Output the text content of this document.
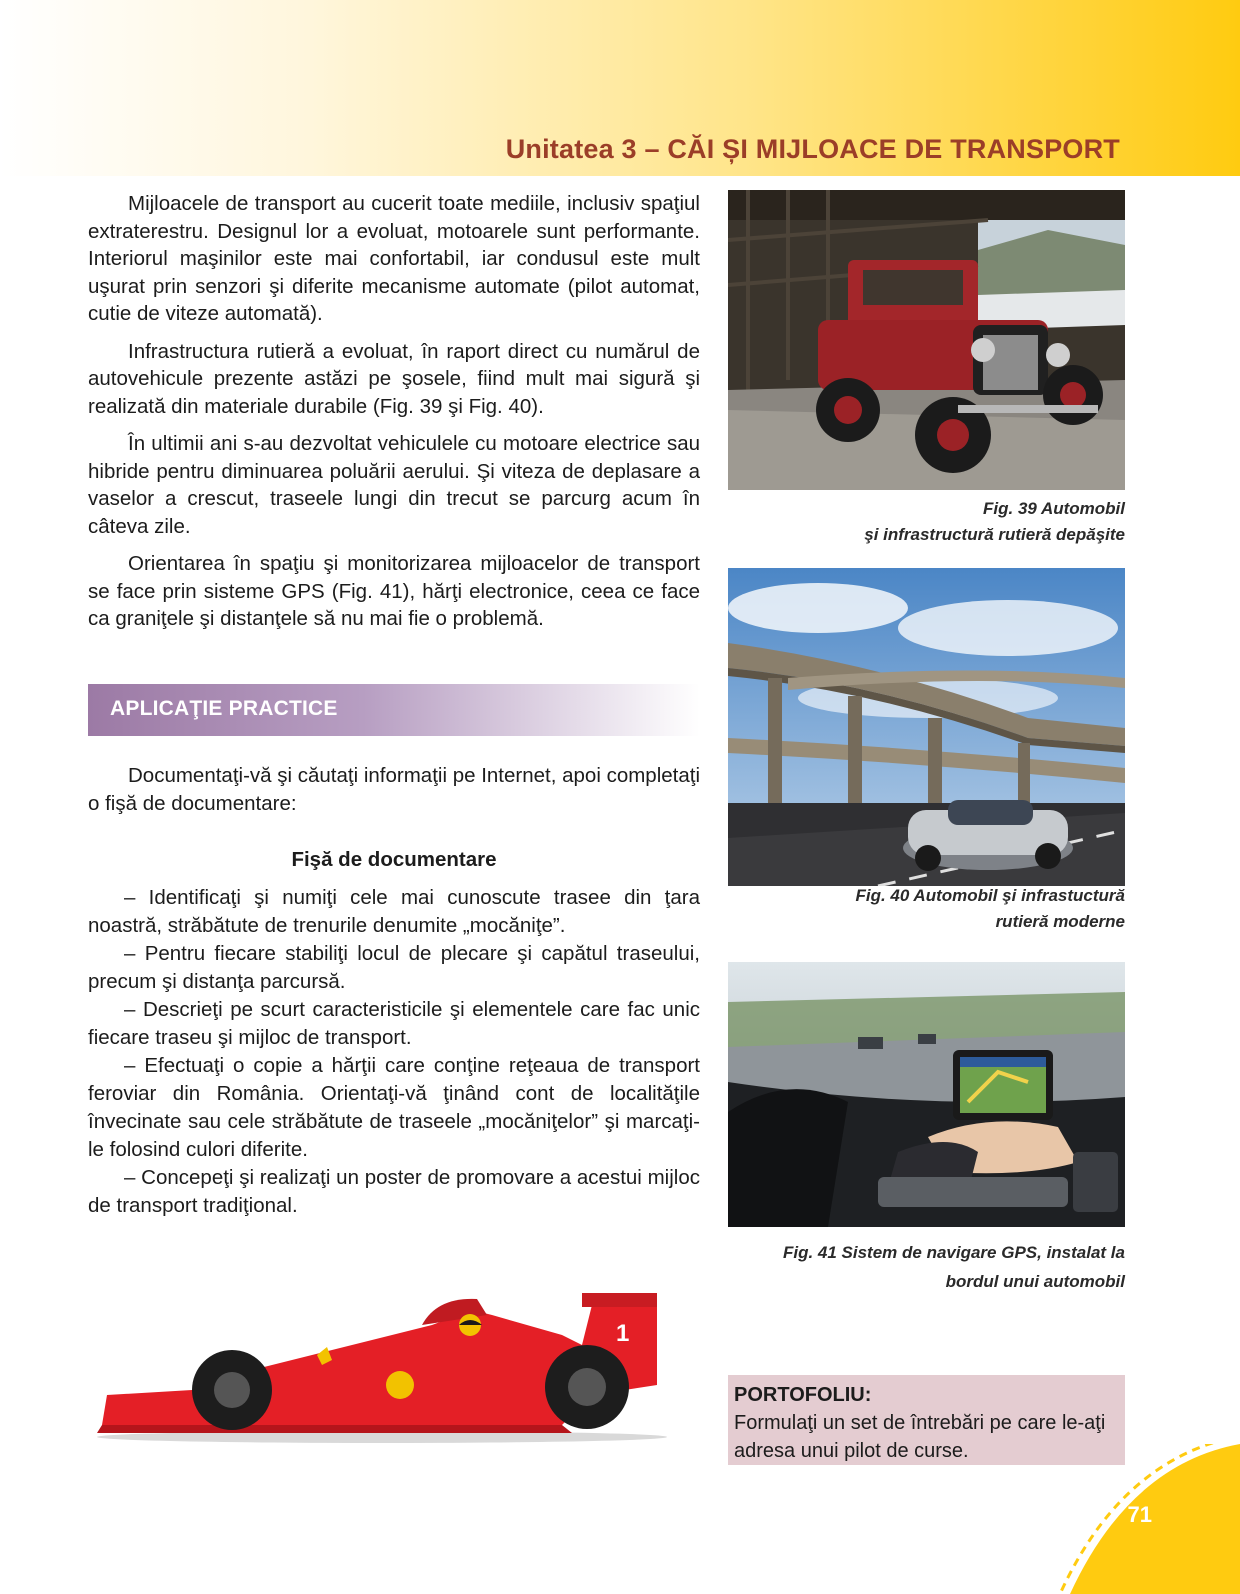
Unitatea 3 – CĂI ȘI MIJLOACE DE TRANSPORT

Mijloacele de transport au cucerit toate mediile, inclusiv spaţiul extraterestru. Designul lor a evoluat, motoarele sunt performante. Interiorul maşinilor este mai confortabil, iar condusul este mult uşurat prin senzori şi diferite mecanisme automate (pilot automat, cutie de viteze automată).

Infrastructura rutieră a evoluat, în raport direct cu numărul de autovehicule prezente astăzi pe şosele, fiind mult mai sigură şi realizată din materiale durabile (Fig. 39 şi Fig. 40).

În ultimii ani s-au dezvoltat vehiculele cu motoare electrice sau hibride pentru diminuarea poluării aerului. Şi viteza de deplasare a vaselor a crescut, traseele lungi din trecut se parcurg acum în câteva zile.

Orientarea în spaţiu şi monitorizarea mijloacelor de transport se face prin sisteme GPS (Fig. 41), hărţi electronice, ceea ce face ca graniţele şi distanţele să nu mai fie o problemă.

APLICAŢIE PRACTICE

Documentaţi-vă şi căutaţi informaţii pe Internet, apoi completaţi o fişă de documentare:

Fişă de documentare

– Identificaţi şi numiţi cele mai cunoscute trasee din ţara noastră, străbătute de trenurile denumite „mocăniţe”.

– Pentru fiecare stabiliţi locul de plecare şi capătul traseului, precum şi distanţa parcursă.

– Descrieţi pe scurt caracteristicile şi elementele care fac unic fiecare traseu şi mijloc de transport.

– Efectuaţi o copie a hărţii care conţine reţeaua de transport feroviar din România. Orientaţi-vă ţinând cont de localităţile învecinate sau cele străbătute de traseele „mocăniţelor” şi marcaţi-le folosind culori diferite.

– Concepeţi şi realizaţi un poster de promovare a acestui mijloc de transport tradiţional.

Fig. 39 Automobil
şi infrastructură rutieră depăşite
Fig. 40 Automobil şi infrastuctură
rutieră moderne
Fig. 41 Sistem de navigare GPS, instalat la
bordul unui automobil
1
PORTOFOLIU:
Formulaţi un set de întrebări pe care le-aţi adresa unui pilot de curse.
71
